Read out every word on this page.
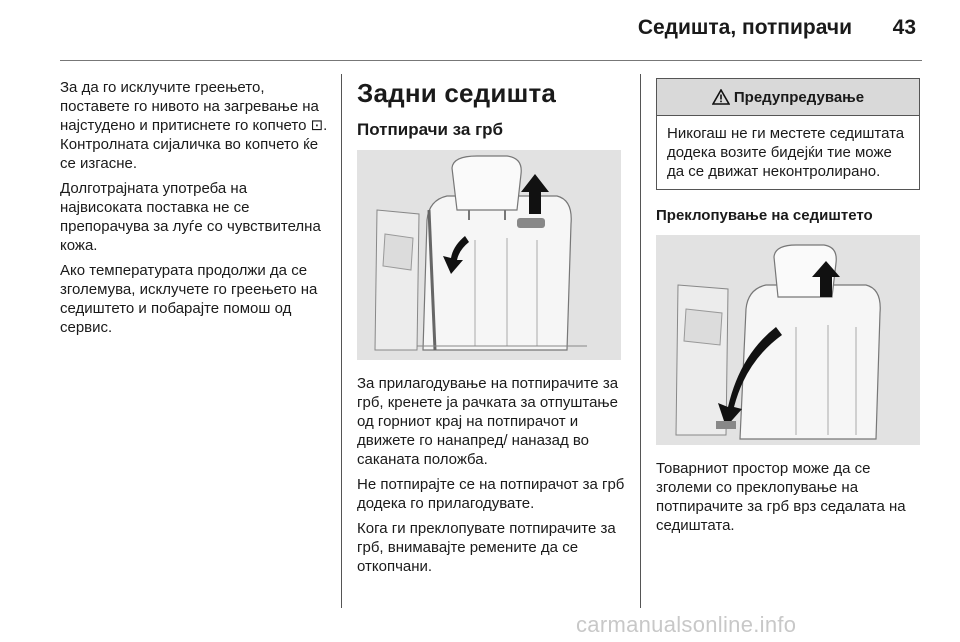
Седишта, потпирачи 43

За да го исклучите греењето, поставете го нивото на загревање на најстудено и притиснете го копчето ⊡. Контролната сијаличка во копчето ќе се изгасне.

Долготрајната употреба на највисоката поставка не се препорачува за луѓе со чувствителна кожа.

Ако температурата продолжи да се зголемува, исклучете го греењето на седиштето и побарајте помош од сервис.

Задни седишта
Потпирачи за грб

За прилагодување на потпирачите за грб, кренете ја рачката за отпуштање од горниот крај на потпирачот и движете го нанапред/ наназад во саканата положба.

Не потпирајте се на потпирачот за грб додека го прилагодувате.

Кога ги преклопувате потпирачите за грб, внимавајте ремените да се откопчани.

Предупредување

Никогаш не ги местете седиштата додека возите бидејќи тие може да се движат неконтролирано.

Преклопување на седиштето

Товарниот простор може да се зголеми со преклопување на потпирачите за грб врз седалата на седиштата.

carmanualsonline.info
